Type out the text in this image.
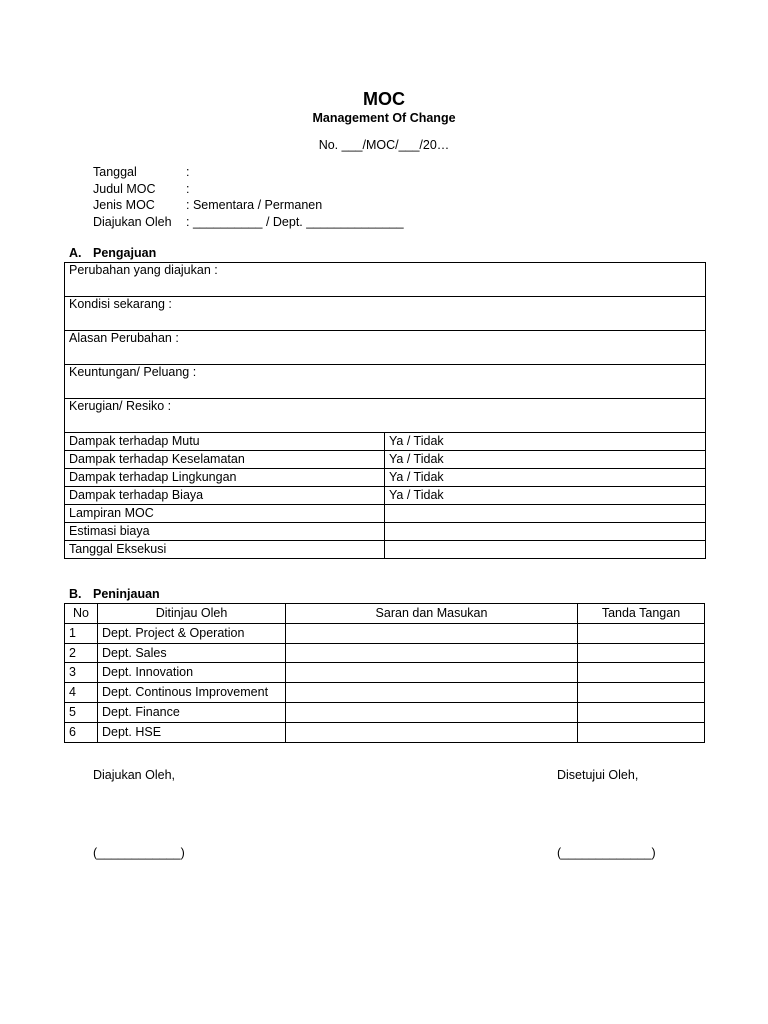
MOC
Management Of Change
No. ___/MOC/___/20…
Tanggal	:
Judul MOC :
Jenis MOC : Sementara / Permanen
Diajukan Oleh : __________ / Dept. ______________
A. Pengajuan
Perubahan yang diajukan :	
Kondisi sekarang :	
Alasan Perubahan :	
Keuntungan/ Peluang :	
Kerugian/ Resiko :	
Dampak terhadap Mutu	Ya / Tidak
Dampak terhadap Keselamatan	Ya / Tidak
Dampak terhadap Lingkungan	Ya / Tidak
Dampak terhadap Biaya	Ya / Tidak
Lampiran MOC	
Estimasi biaya	
Tanggal Eksekusi	
B. Peninjauan
No	Ditinjau Oleh	Saran dan Masukan	Tanda Tangan
1	Dept. Project & Operation		
2	Dept. Sales		
3	Dept. Innovation		
4	Dept. Continous Improvement		
5	Dept. Finance		
6	Dept. HSE		
Diajukan Oleh,	Disetujui Oleh,
(____________)	(_____________)
